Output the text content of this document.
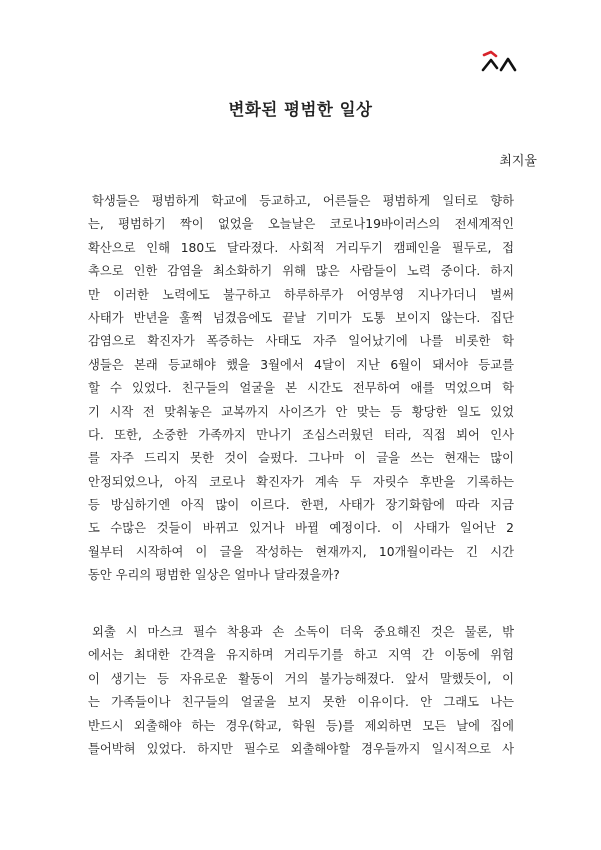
변화된 평범한 일상
최지율
학생들은 평범하게 학교에 등교하고, 어른들은 평범하게 일터로 향하
는, 평범하기 짝이 없었을 오늘날은 코로나19바이러스의 전세계적인
확산으로 인해 180도 달라졌다. 사회적 거리두기 캠페인을 필두로, 접
촉으로 인한 감염을 최소화하기 위해 많은 사람들이 노력 중이다. 하지
만 이러한 노력에도 불구하고 하루하루가 어영부영 지나가더니 벌써
사태가 반년을 훌쩍 넘겼음에도 끝날 기미가 도통 보이지 않는다. 집단
감염으로 확진자가 폭증하는 사태도 자주 일어났기에 나를 비롯한 학
생들은 본래 등교해야 했을 3월에서 4달이 지난 6월이 돼서야 등교를
할 수 있었다. 친구들의 얼굴을 본 시간도 전무하여 애를 먹었으며 학
기 시작 전 맞춰놓은 교복까지 사이즈가 안 맞는 등 황당한 일도 있었
다. 또한, 소중한 가족까지 만나기 조심스러웠던 터라, 직접 뵈어 인사
를 자주 드리지 못한 것이 슬펐다. 그나마 이 글을 쓰는 현재는 많이
안정되었으나, 아직 코로나 확진자가 계속 두 자릿수 후반을 기록하는
등 방심하기엔 아직 많이 이르다. 한편, 사태가 장기화함에 따라 지금
도 수많은 것들이 바뀌고 있거나 바뀔 예정이다. 이 사태가 일어난 2
월부터 시작하여 이 글을 작성하는 현재까지, 10개월이라는 긴 시간
동안 우리의 평범한 일상은 얼마나 달라졌을까?
외출 시 마스크 필수 착용과 손 소독이 더욱 중요해진 것은 물론, 밖
에서는 최대한 간격을 유지하며 거리두기를 하고 지역 간 이동에 위험
이 생기는 등 자유로운 활동이 거의 불가능해졌다. 앞서 말했듯이, 이
는 가족들이나 친구들의 얼굴을 보지 못한 이유이다. 안 그래도 나는
반드시 외출해야 하는 경우(학교, 학원 등)를 제외하면 모든 날에 집에
틀어박혀 있었다. 하지만 필수로 외출해야할 경우들까지 일시적으로 사
